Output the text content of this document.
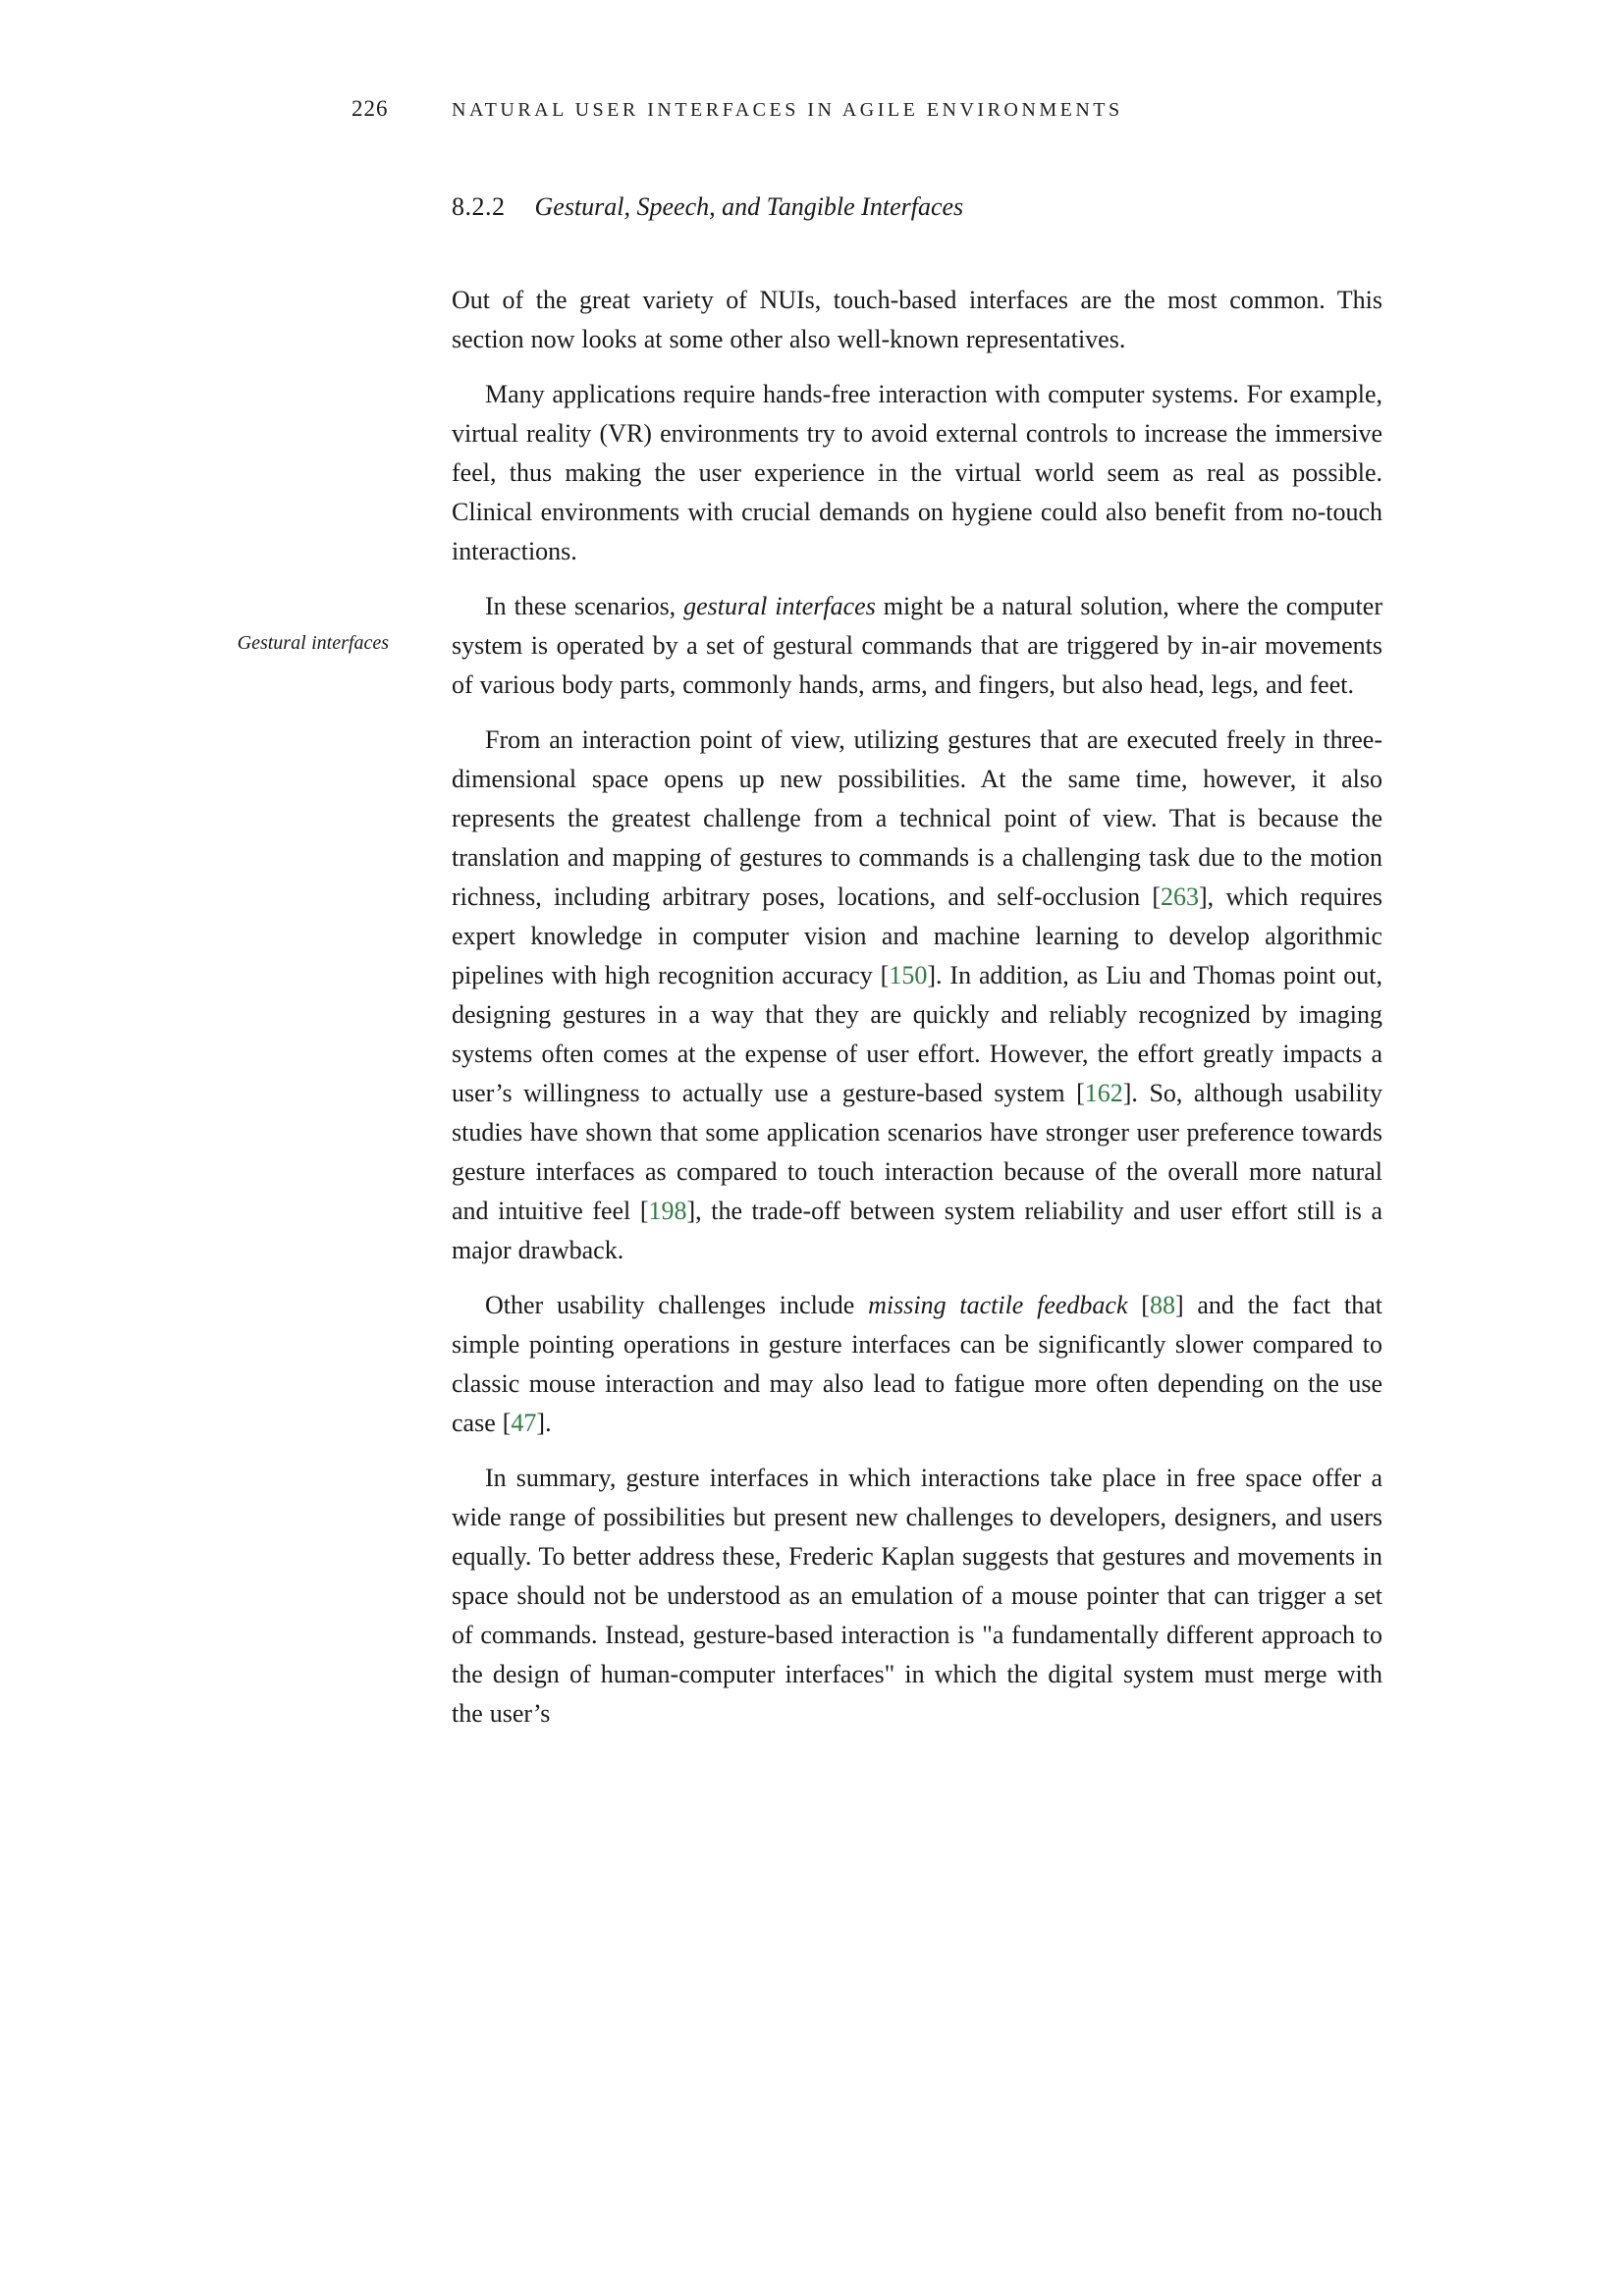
226	NATURAL USER INTERFACES IN AGILE ENVIRONMENTS
8.2.2 Gestural, Speech, and Tangible Interfaces

Out of the great variety of NUIs, touch-based interfaces are the most common. This section now looks at some other also well-known representatives.

Many applications require hands-free interaction with computer systems. For example, virtual reality (VR) environments try to avoid external controls to increase the immersive feel, thus making the user experience in the virtual world seem as real as possible. Clinical environments with crucial demands on hygiene could also benefit from no-touch interactions.

Gestural interfaces
In these scenarios, gestural interfaces might be a natural solution, where the computer system is operated by a set of gestural commands that are triggered by in-air movements of various body parts, commonly hands, arms, and fingers, but also head, legs, and feet.

From an interaction point of view, utilizing gestures that are executed freely in three-dimensional space opens up new possibilities. At the same time, however, it also represents the greatest challenge from a technical point of view. That is because the translation and mapping of gestures to commands is a challenging task due to the motion richness, including arbitrary poses, locations, and self-occlusion [263], which requires expert knowledge in computer vision and machine learning to develop algorithmic pipelines with high recognition accuracy [150]. In addition, as Liu and Thomas point out, designing gestures in a way that they are quickly and reliably recognized by imaging systems often comes at the expense of user effort. However, the effort greatly impacts a user’s willingness to actually use a gesture-based system [162]. So, although usability studies have shown that some application scenarios have stronger user preference towards gesture interfaces as compared to touch interaction because of the overall more natural and intuitive feel [198], the trade-off between system reliability and user effort still is a major drawback.

Other usability challenges include missing tactile feedback [88] and the fact that simple pointing operations in gesture interfaces can be significantly slower compared to classic mouse interaction and may also lead to fatigue more often depending on the use case [47].

In summary, gesture interfaces in which interactions take place in free space offer a wide range of possibilities but present new challenges to developers, designers, and users equally. To better address these, Frederic Kaplan suggests that gestures and movements in space should not be understood as an emulation of a mouse pointer that can trigger a set of commands. Instead, gesture-based interaction is "a fundamentally different approach to the design of human-computer interfaces" in which the digital system must merge with the user’s
